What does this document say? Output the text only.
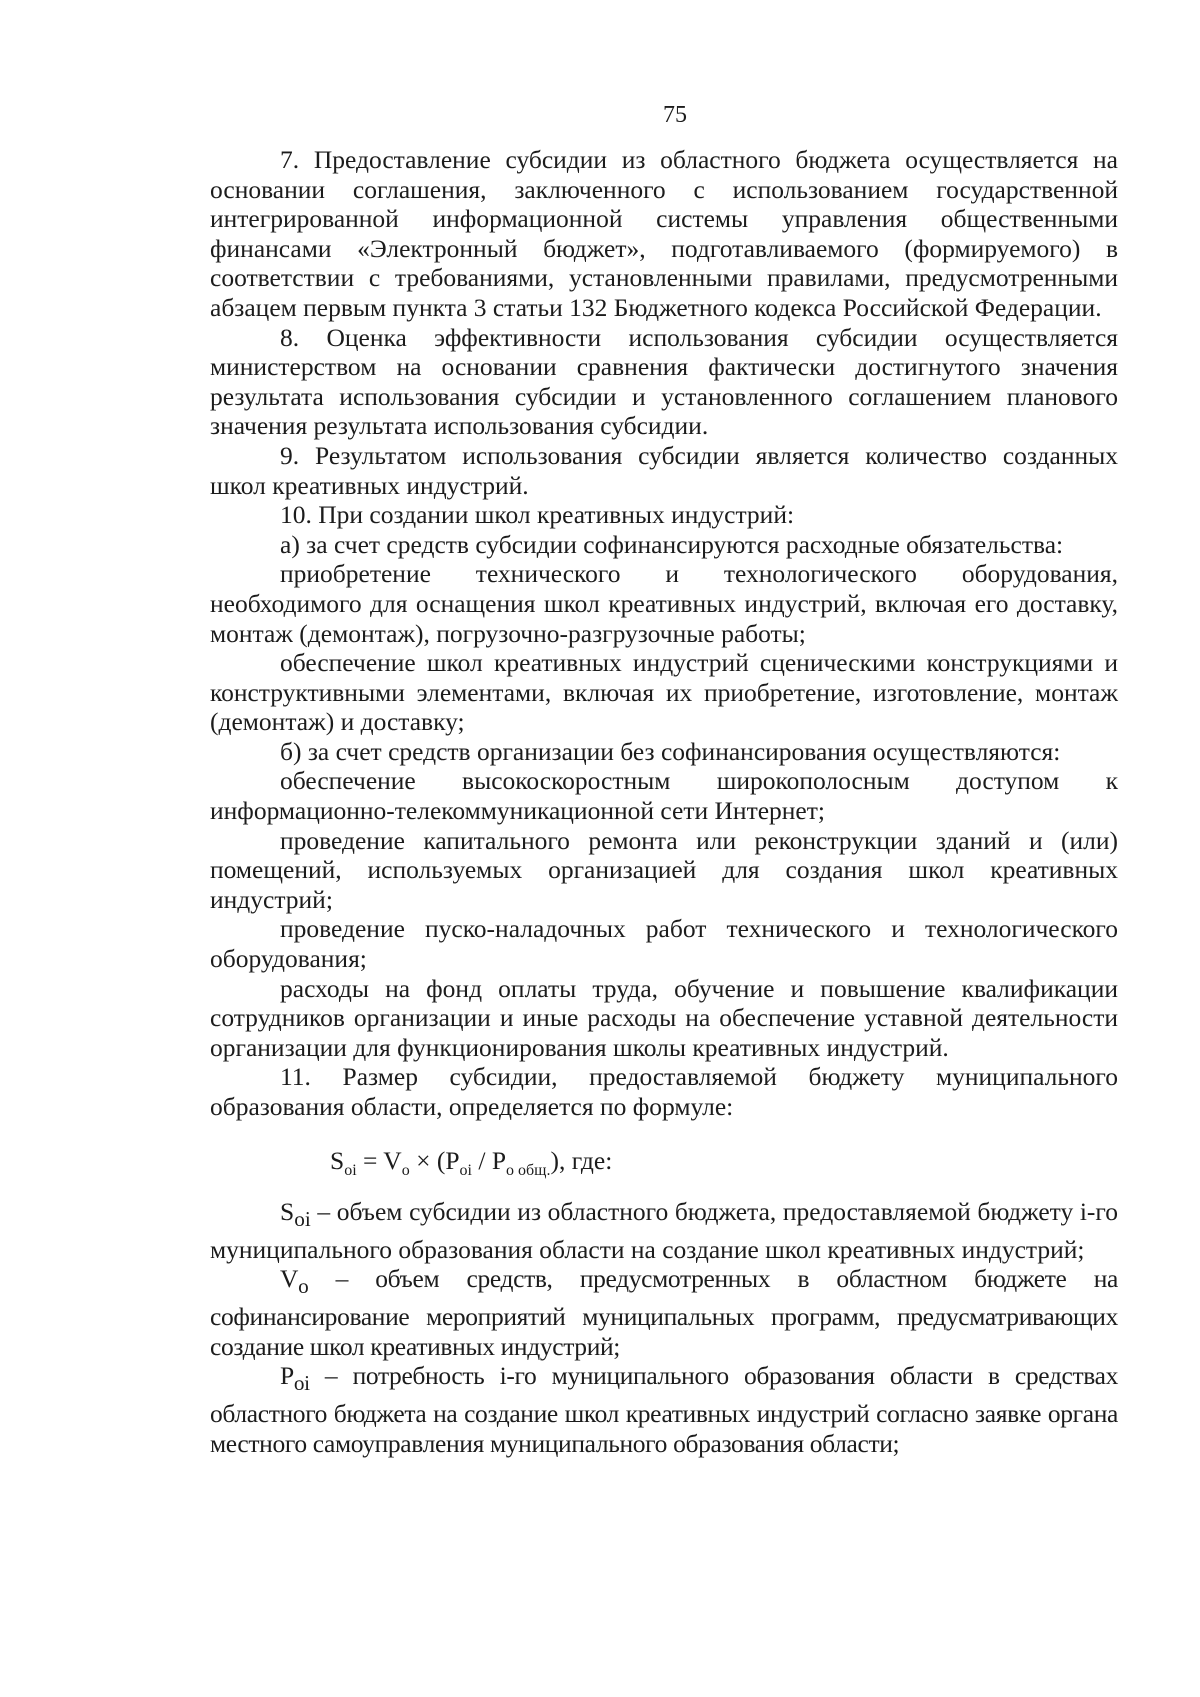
75

7. Предоставление субсидии из областного бюджета осуществляется на основании соглашения, заключенного с использованием государственной интегрированной информационной системы управления общественными финансами «Электронный бюджет», подготавливаемого (формируемого) в соответствии с требованиями, установленными правилами, предусмотренными абзацем первым пункта 3 статьи 132 Бюджетного кодекса Российской Федерации.

8. Оценка эффективности использования субсидии осуществляется министерством на основании сравнения фактически достигнутого значения результата использования субсидии и установленного соглашением планового значения результата использования субсидии.

9. Результатом использования субсидии является количество созданных школ креативных индустрий.

10. При создании школ креативных индустрий:

а) за счет средств субсидии софинансируются расходные обязательства:

приобретение технического и технологического оборудования, необходимого для оснащения школ креативных индустрий, включая его доставку, монтаж (демонтаж), погрузочно-разгрузочные работы;

обеспечение школ креативных индустрий сценическими конструкциями и конструктивными элементами, включая их приобретение, изготовление, монтаж (демонтаж) и доставку;

б) за счет средств организации без софинансирования осуществляются:

обеспечение высокоскоростным широкополосным доступом к информационно-телекоммуникационной сети Интернет;

проведение капитального ремонта или реконструкции зданий и (или) помещений, используемых организацией для создания школ креативных индустрий;

проведение пуско-наладочных работ технического и технологического оборудования;

расходы на фонд оплаты труда, обучение и повышение квалификации сотрудников организации и иные расходы на обеспечение уставной деятельности организации для функционирования школы креативных индустрий.

11. Размер субсидии, предоставляемой бюджету муниципального образования области, определяется по формуле:

$S_{oi} = V_o \times (P_{oi} / P_{o общ.})$, где:

$S_{oi}$ – объем субсидии из областного бюджета, предоставляемой бюджету i-го муниципального образования области на создание школ креативных индустрий;

$V_o$ – объем средств, предусмотренных в областном бюджете на софинансирование мероприятий муниципальных программ, предусматривающих создание школ креативных индустрий;

$P_{oi}$ – потребность i-го муниципального образования области в средствах областного бюджета на создание школ креативных индустрий согласно заявке органа местного самоуправления муниципального образования области;
